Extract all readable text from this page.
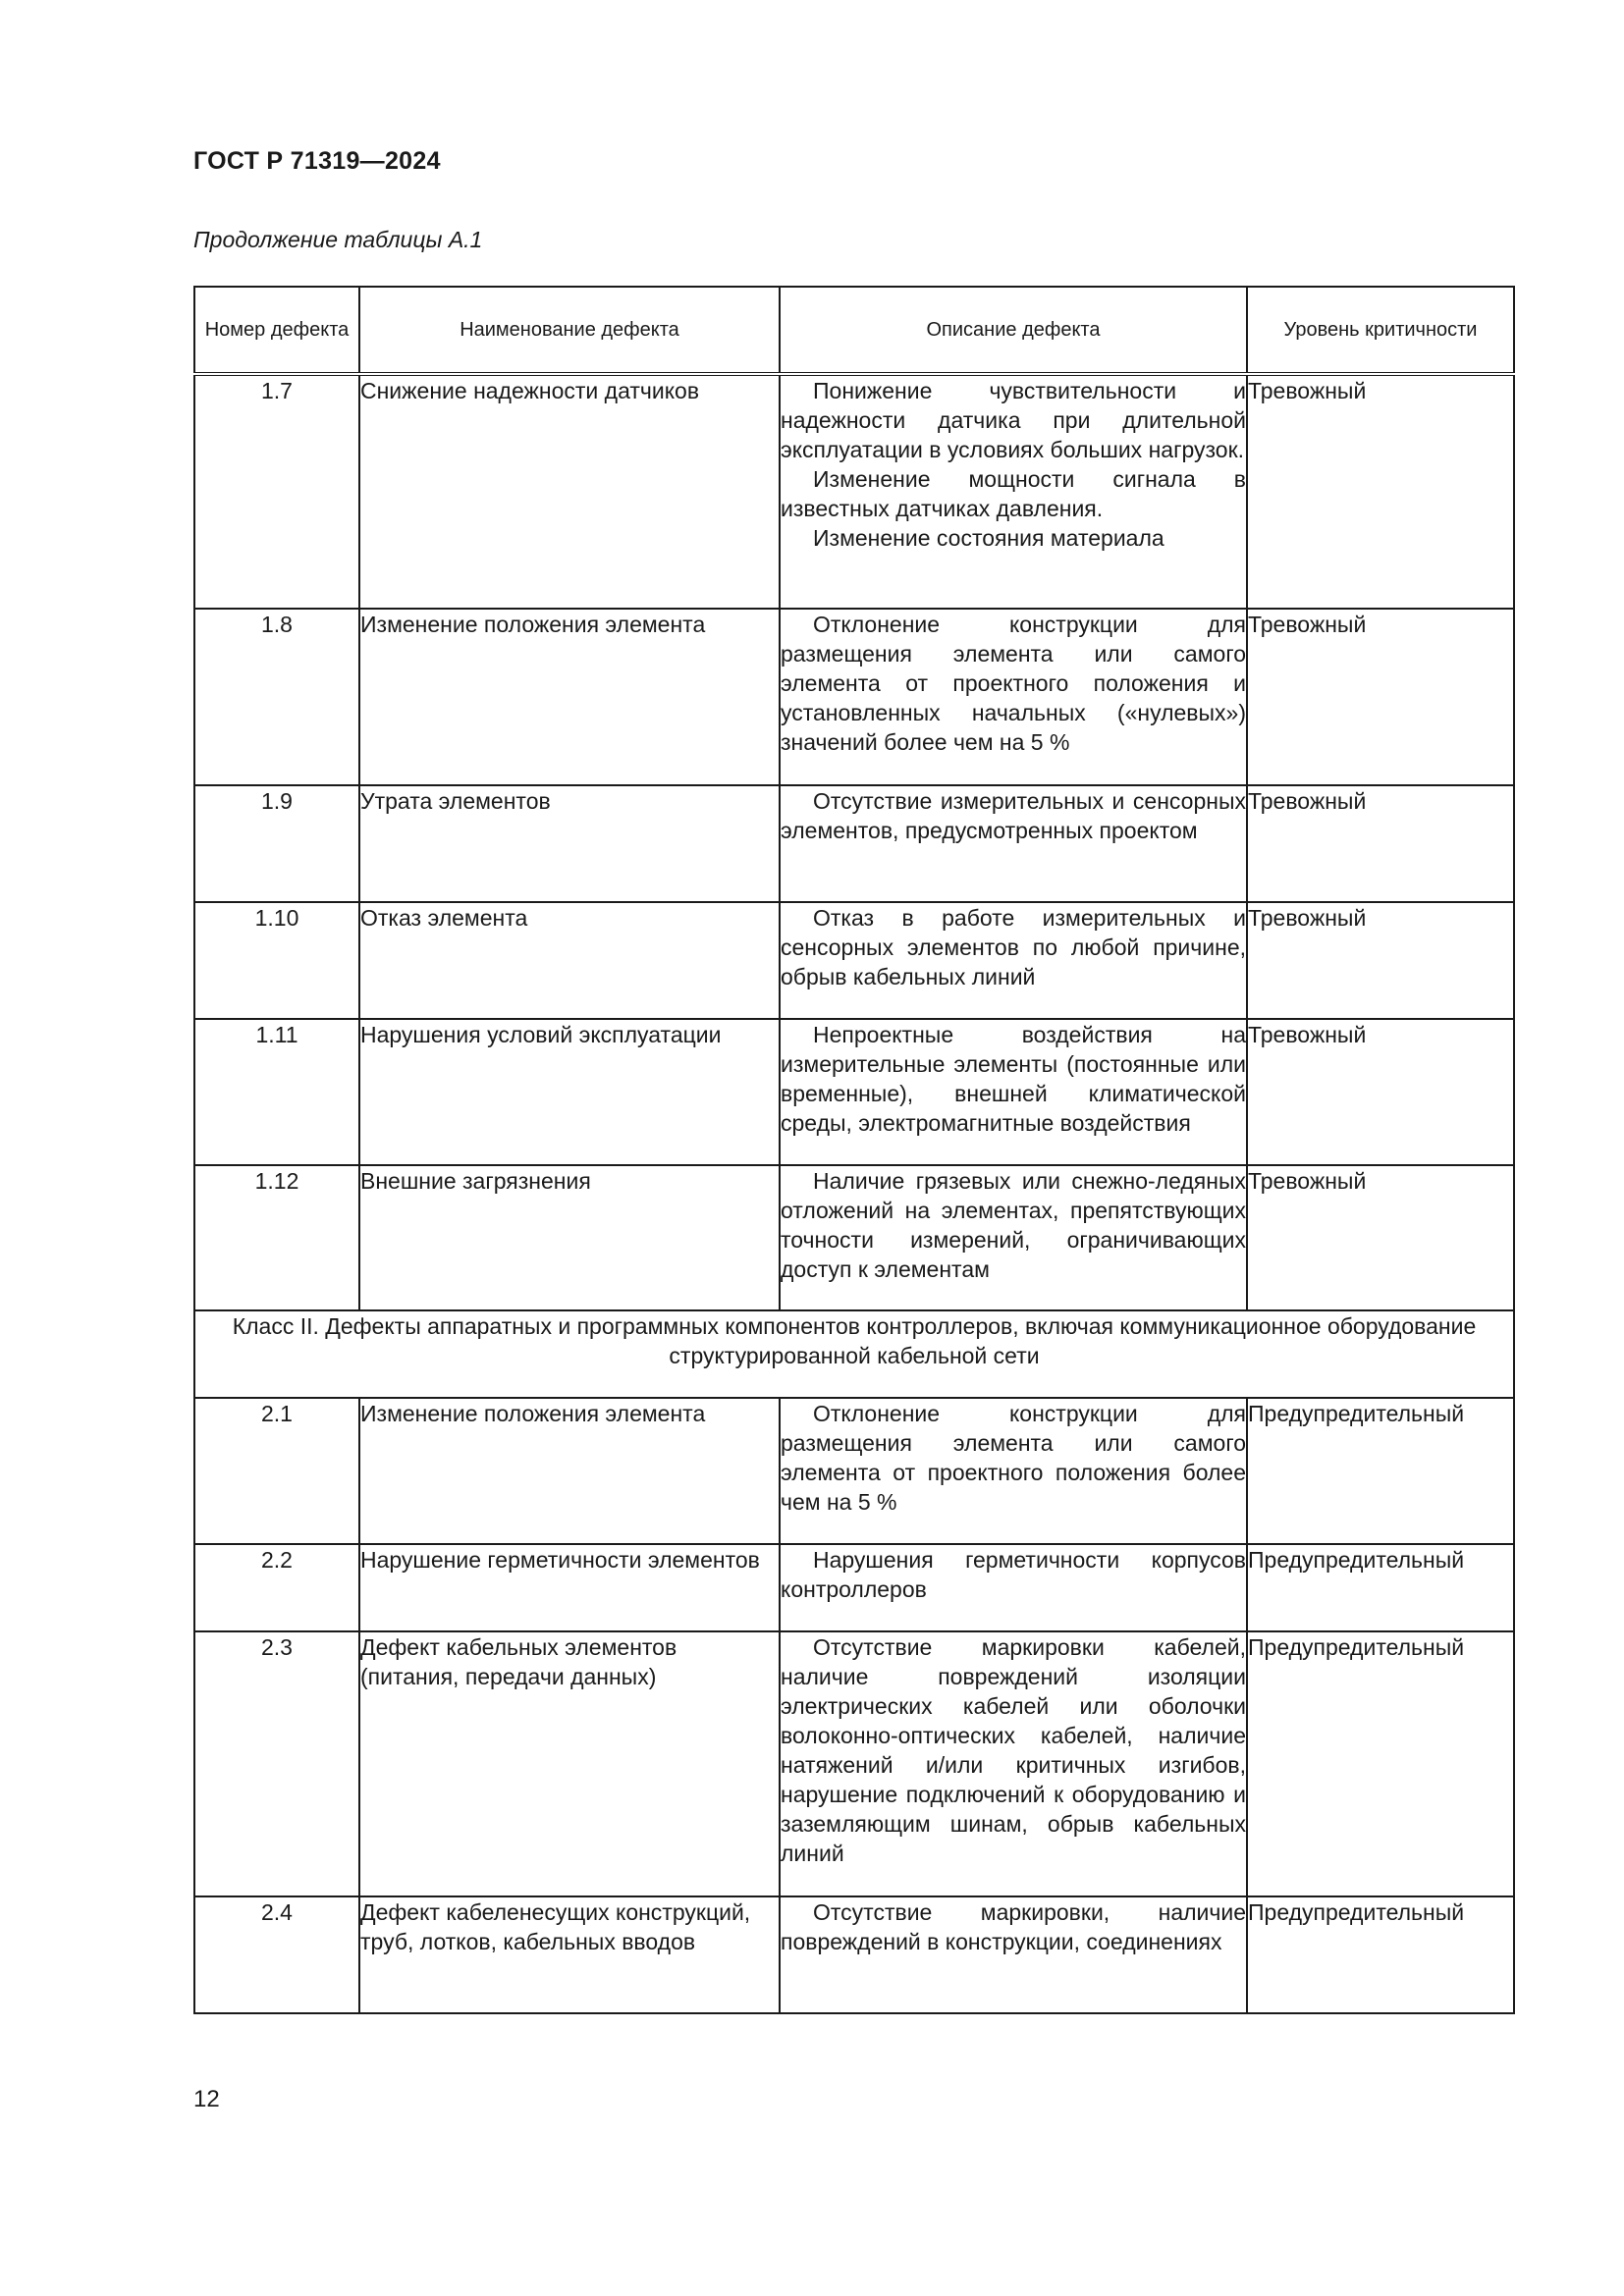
ГОСТ Р 71319—2024
Продолжение таблицы А.1
Номер дефекта	Наименование дефекта	Описание дефекта	Уровень критичности
1.7	Снижение надежности датчиков	Понижение чувствительности и надежности датчика при длительной эксплуатации в условиях больших нагрузок.

Изменение мощности сигнала в известных датчиках давления.

Изменение состояния материала	Тревожный
1.8	Изменение положения элемента	Отклонение конструкции для размещения элемента или самого элемента от проектного положения и установленных начальных («нулевых») значений более чем на 5 %	Тревожный
1.9	Утрата элементов	Отсутствие измерительных и сенсорных элементов, предусмотренных проектом	Тревожный
1.10	Отказ элемента	Отказ в работе измерительных и сенсорных элементов по любой причине, обрыв кабельных линий	Тревожный
1.11	Нарушения условий эксплуатации	Непроектные воздействия на измерительные элементы (постоянные или временные), внешней климатической среды, электромагнитные воздействия	Тревожный
1.12	Внешние загрязнения	Наличие грязевых или снежно-ледяных отложений на элементах, препятствующих точности измерений, ограничивающих доступ к элементам	Тревожный
Класс II. Дефекты аппаратных и программных компонентов контроллеров, включая коммуникационное оборудование структурированной кабельной сети			
2.1	Изменение положения элемента	Отклонение конструкции для размещения элемента или самого элемента от проектного положения более чем на 5 %	Предупредительный
2.2	Нарушение герметичности элементов	Нарушения герметичности корпусов контроллеров	Предупредительный
2.3	Дефект кабельных элементов (питания, передачи данных)	Отсутствие маркировки кабелей, наличие повреждений изоляции электрических кабелей или оболочки волоконно-оптических кабелей, наличие натяжений и/или критичных изгибов, нарушение подключений к оборудованию и заземляющим шинам, обрыв кабельных линий	Предупредительный
2.4	Дефект кабеленесущих конструкций, труб, лотков, кабельных вводов	Отсутствие маркировки, наличие повреждений в конструкции, соединениях	Предупредительный
12
